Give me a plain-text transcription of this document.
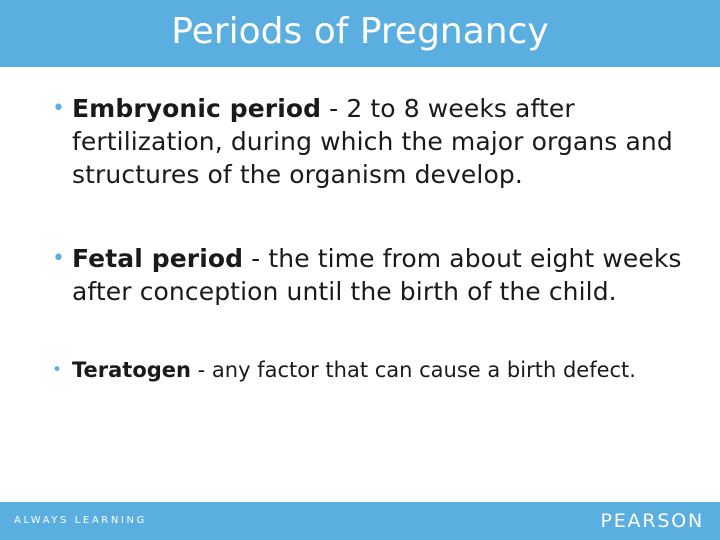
Periods of Pregnancy
• Embryonic period - 2 to 8 weeks after fertilization, during which the major organs and structures of the organism develop.
• Fetal period - the time from about eight weeks after conception until the birth of the child.
• Teratogen - any factor that can cause a birth defect.
ALWAYS LEARNING	PEARSON
